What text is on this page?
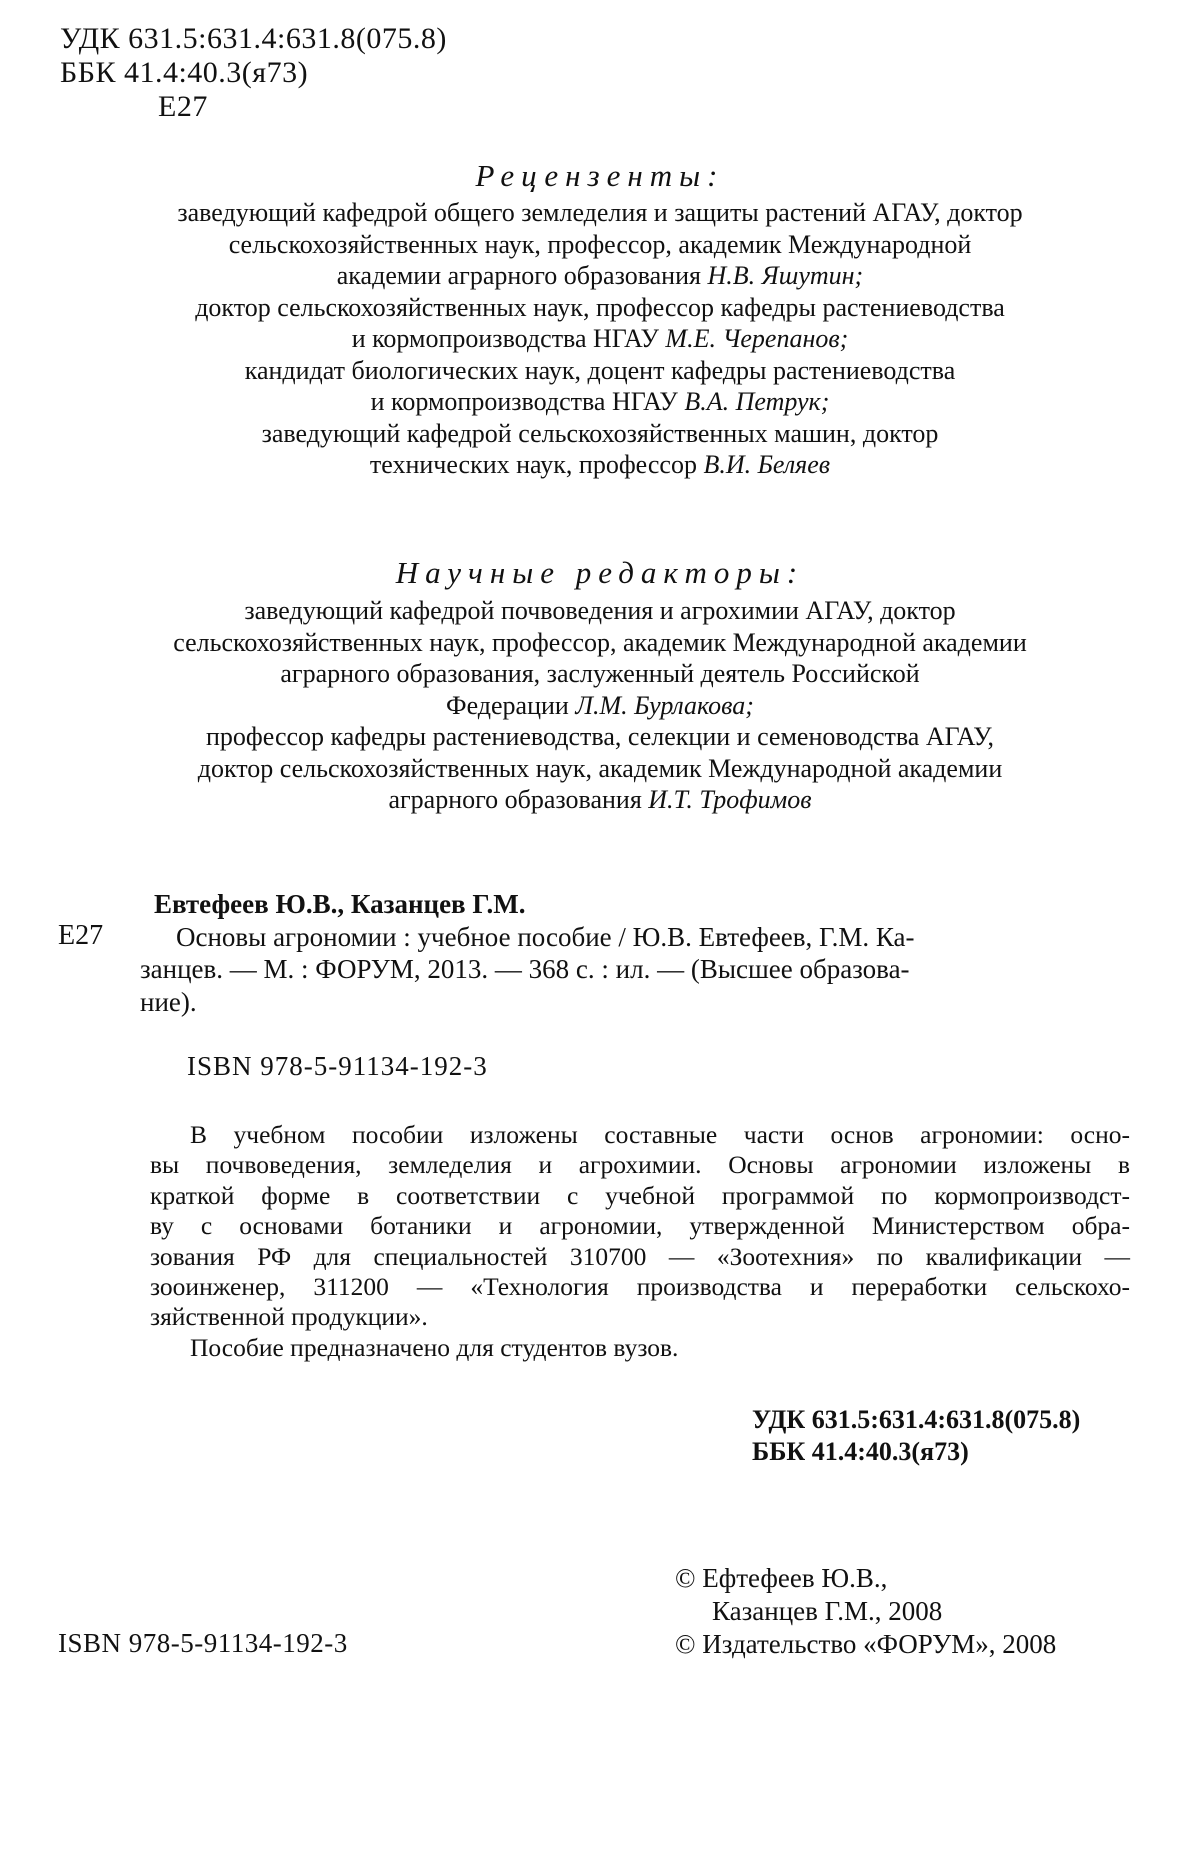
УДК 631.5:631.4:631.8(075.8)
ББК 41.4:40.3(я73)
Е27
Рецензенты:
заведующий кафедрой общего земледелия и защиты растений АГАУ, доктор
сельскохозяйственных наук, профессор, академик Международной
академии аграрного образования Н.В. Яшутин;
доктор сельскохозяйственных наук, профессор кафедры растениеводства
и кормопроизводства НГАУ М.Е. Черепанов;
кандидат биологических наук, доцент кафедры растениеводства
и кормопроизводства НГАУ В.А. Петрук;
заведующий кафедрой сельскохозяйственных машин, доктор
технических наук, профессор В.И. Беляев
Научные редакторы:
заведующий кафедрой почвоведения и агрохимии АГАУ, доктор
сельскохозяйственных наук, профессор, академик Международной академии
аграрного образования, заслуженный деятель Российской
Федерации Л.М. Бурлакова;
профессор кафедры растениеводства, селекции и семеноводства АГАУ,
доктор сельскохозяйственных наук, академик Международной академии
аграрного образования И.Т. Трофимов
Е27
Евтефеев Ю.В., Казанцев Г.М.
Основы агрономии : учебное пособие / Ю.В. Евтефеев, Г.М. Ка-
занцев. — М. : ФОРУМ, 2013. — 368 с. : ил. — (Высшее образова-
ние).
ISBN 978-5-91134-192-3
В учебном пособии изложены составные части основ агрономии: осно-
вы почвоведения, земледелия и агрохимии. Основы агрономии изложены в
краткой форме в соответствии с учебной программой по кормопроизводст-
ву с основами ботаники и агрономии, утвержденной Министерством обра-
зования РФ для специальностей 310700 — «Зоотехния» по квалификации —
зооинженер, 311200 — «Технология производства и переработки сельскохо-
зяйственной продукции».
Пособие предназначено для студентов вузов.
УДК 631.5:631.4:631.8(075.8)
ББК 41.4:40.3(я73)
© Ефтефеев Ю.В.,
Казанцев Г.М., 2008
© Издательство «ФОРУМ», 2008
ISBN 978-5-91134-192-3
